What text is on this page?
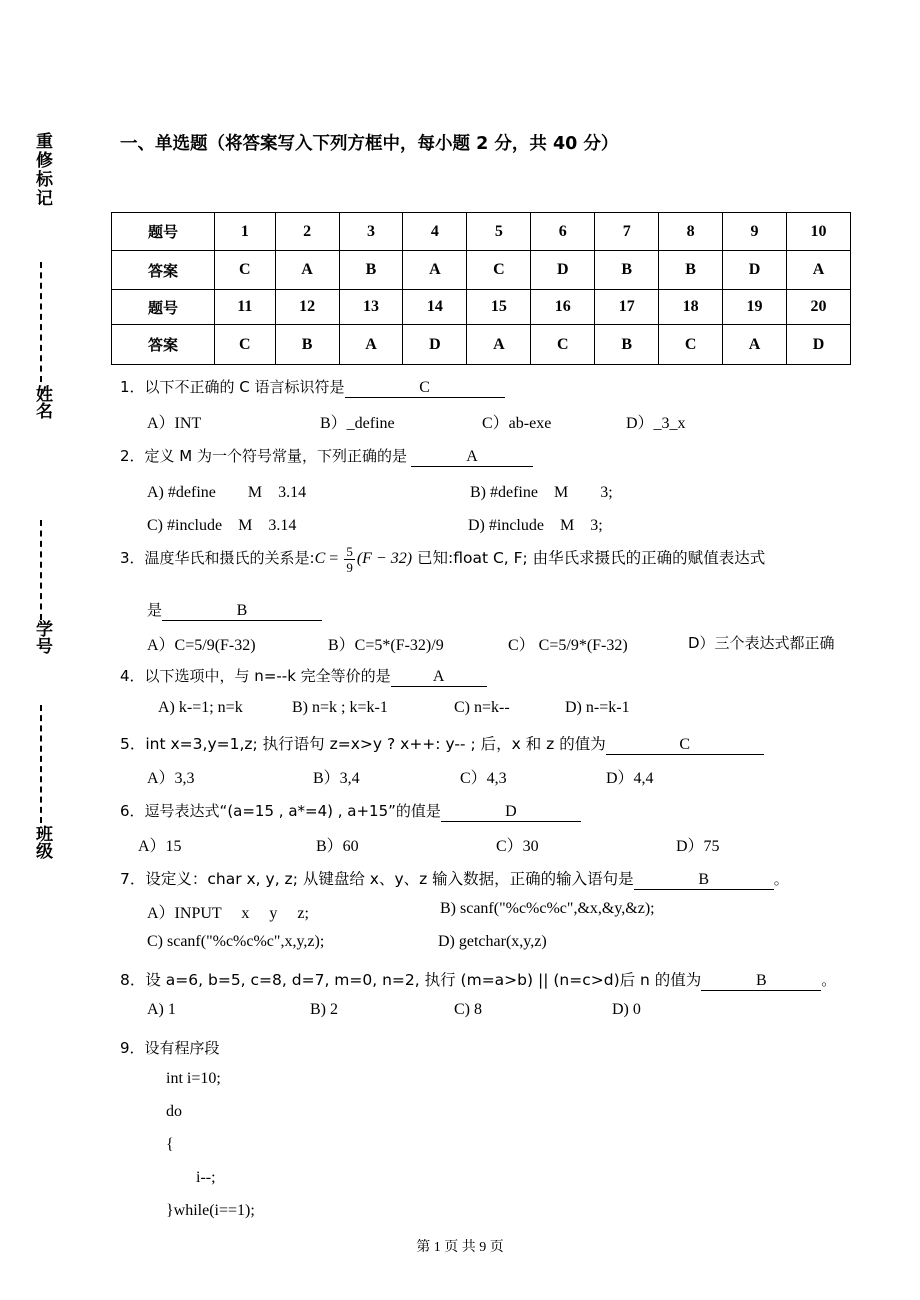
重修标记
姓名
学号
班级
一、单选题（将答案写入下列方框中，每小题 2 分，共 40 分）
题号	1	2	3	4	5	6	7	8	9	10
答案	C	A	B	A	C	D	B	B	D	A
题号	11	12	13	14	15	16	17	18	19	20
答案	C	B	A	D	A	C	B	C	A	D
1．以下不正确的 C 语言标识符是	C
A）INT	B）_define	C）ab-exe	D）_3_x
2．定义 M 为一个符号常量，下列正确的是	A
A) #define　　M　3.14	B) #define　M　　3;
C) #include　M　3.14	D) #include　M　3;
3．温度华氏和摄氏的关系是:C = $\frac{5}{9} (F - 32)$ 已知:float C, F; 由华氏求摄氏的正确的赋值表达式
是	B
A）C=5/9(F-32)	B）C=5*(F-32)/9	C） C=5/9*(F-32)	D）三个表达式都正确
4．以下选项中，与 n=--k 完全等价的是	A
A) k-=1; n=k	B) n=k ; k=k-1	C) n=k--	D) n-=k-1
5．int x=3,y=1,z; 执行语句 z=x>y ? x++: y-- ; 后，x 和 z 的值为	C
A）3,3	B）3,4	C）4,3	D）4,4
6．逗号表达式“(a=15 , a*=4) , a+15”的值是	D
A）15	B）60	C）30	D）75
7．设定义：char x, y, z; 从键盘给 x、y、z 输入数据，正确的输入语句是	B	。
A）INPUT　 x　 y　 z;	B) scanf("%c%c%c",&x,&y,&z);
C) scanf("%c%c%c",x,y,z);	D) getchar(x,y,z)
8．设 a=6, b=5, c=8, d=7, m=0, n=2, 执行 (m=a>b) || (n=c>d)后 n 的值为	B	。
A) 1	B) 2	C) 8	D) 0
9．设有程序段
int i=10;
do
{
i--;
}while(i==1);
第 1 页 共 9 页
